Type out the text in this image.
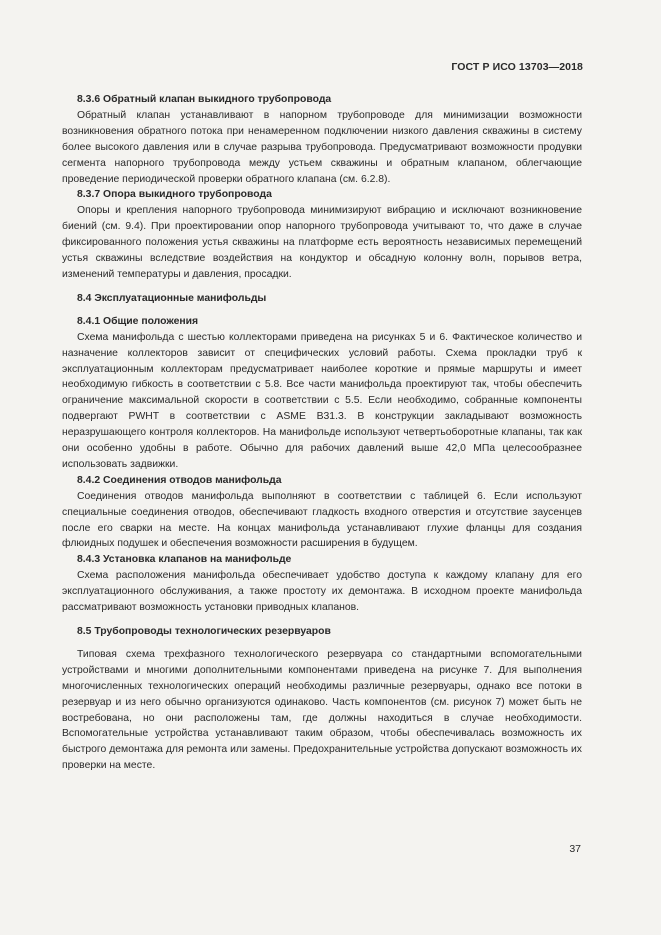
ГОСТ Р ИСО 13703—2018
8.3.6 Обратный клапан выкидного трубопровода

Обратный клапан устанавливают в напорном трубопроводе для минимизации возможности возникновения обратного потока при ненамеренном подключении низкого давления скважины в систему более высокого давления или в случае разрыва трубопровода. Предусматривают возможности продувки сегмента напорного трубопровода между устьем скважины и обратным клапаном, облегчающие проведение периодической проверки обратного клапана (см. 6.2.8).

8.3.7 Опора выкидного трубопровода

Опоры и крепления напорного трубопровода минимизируют вибрацию и исключают возникновение биений (см. 9.4). При проектировании опор напорного трубопровода учитывают то, что даже в случае фиксированного положения устья скважины на платформе есть вероятность независимых перемещений устья скважины вследствие воздействия на кондуктор и обсадную колонну волн, порывов ветра, изменений температуры и давления, просадки.

8.4 Эксплуатационные манифольды
8.4.1 Общие положения

Схема манифольда с шестью коллекторами приведена на рисунках 5 и 6. Фактическое количество и назначение коллекторов зависит от специфических условий работы. Схема прокладки труб к эксплуатационным коллекторам предусматривает наиболее короткие и прямые маршруты и имеет необходимую гибкость в соответствии с 5.8. Все части манифольда проектируют так, чтобы обеспечить ограничение максимальной скорости в соответствии с 5.5. Если необходимо, собранные компоненты подвергают PWHT в соответствии с ASME B31.3. В конструкции закладывают возможность неразрушающего контроля коллекторов. На манифольде используют четвертьоборотные клапаны, так как они особенно удобны в работе. Обычно для рабочих давлений выше 42,0 МПа целесообразнее использовать задвижки.

8.4.2 Соединения отводов манифольда

Соединения отводов манифольда выполняют в соответствии с таблицей 6. Если используют специальные соединения отводов, обеспечивают гладкость входного отверстия и отсутствие заусенцев после его сварки на месте. На концах манифольда устанавливают глухие фланцы для создания флюидных подушек и обеспечения возможности расширения в будущем.

8.4.3 Установка клапанов на манифольде

Схема расположения манифольда обеспечивает удобство доступа к каждому клапану для его эксплуатационного обслуживания, а также простоту их демонтажа. В исходном проекте манифольда рассматривают возможность установки приводных клапанов.

8.5 Трубопроводы технологических резервуаров

Типовая схема трехфазного технологического резервуара со стандартными вспомогательными устройствами и многими дополнительными компонентами приведена на рисунке 7. Для выполнения многочисленных технологических операций необходимы различные резервуары, однако все потоки в резервуар и из него обычно организуются одинаково. Часть компонентов (см. рисунок 7) может быть не востребована, но они расположены там, где должны находиться в случае необходимости. Вспомогательные устройства устанавливают таким образом, чтобы обеспечивалась возможность их быстрого демонтажа для ремонта или замены. Предохранительные устройства допускают возможность их проверки на месте.

37
